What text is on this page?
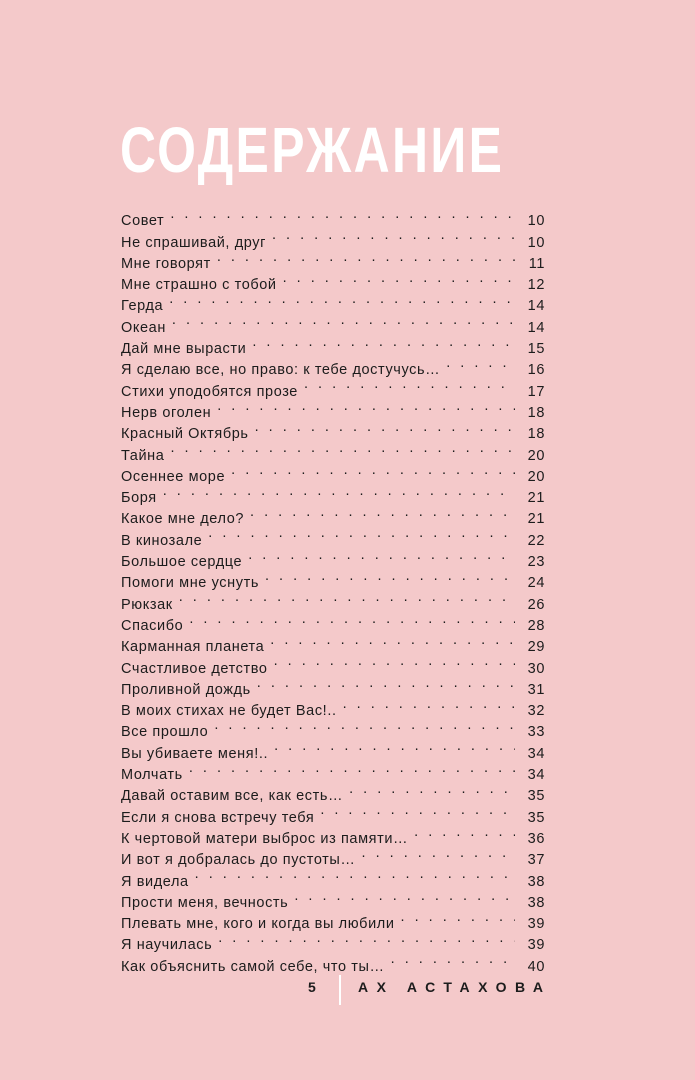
СОДЕРЖАНИЕ
Совет . . .	10
Не спрашивай, друг . . .	10
Мне говорят . . .	11
Мне страшно с тобой . . .	12
Герда . . .	14
Океан . . .	14
Дай мне вырасти . . .	15
Я сделаю все, но право: к тебе достучусь… . . .	16
Стихи уподобятся прозе . . .	17
Нерв оголен . . .	18
Красный Октябрь . . .	18
Тайна . . .	20
Осеннее море . . .	20
Боря . . .	21
Какое мне дело? . . .	21
В кинозале . . .	22
Большое сердце . . .	23
Помоги мне уснуть . . .	24
Рюкзак . . .	26
Спасибо . . .	28
Карманная планета . . .	29
Счастливое детство . . .	30
Проливной дождь . . .	31
В моих стихах не будет Вас!.. . . .	32
Все прошло . . .	33
Вы убиваете меня!.. . . .	34
Молчать . . .	34
Давай оставим все, как есть… . . .	35
Если я снова встречу тебя . . .	35
К чертовой матери выброс из памяти… . . .	36
И вот я добралась до пустоты… . . .	37
Я видела . . .	38
Прости меня, вечность . . .	38
Плевать мне, кого и когда вы любили . . .	39
Я научилась . . .	39
Как объяснить самой себе, что ты… . . .	40
5	АХ АСТАХОВА
